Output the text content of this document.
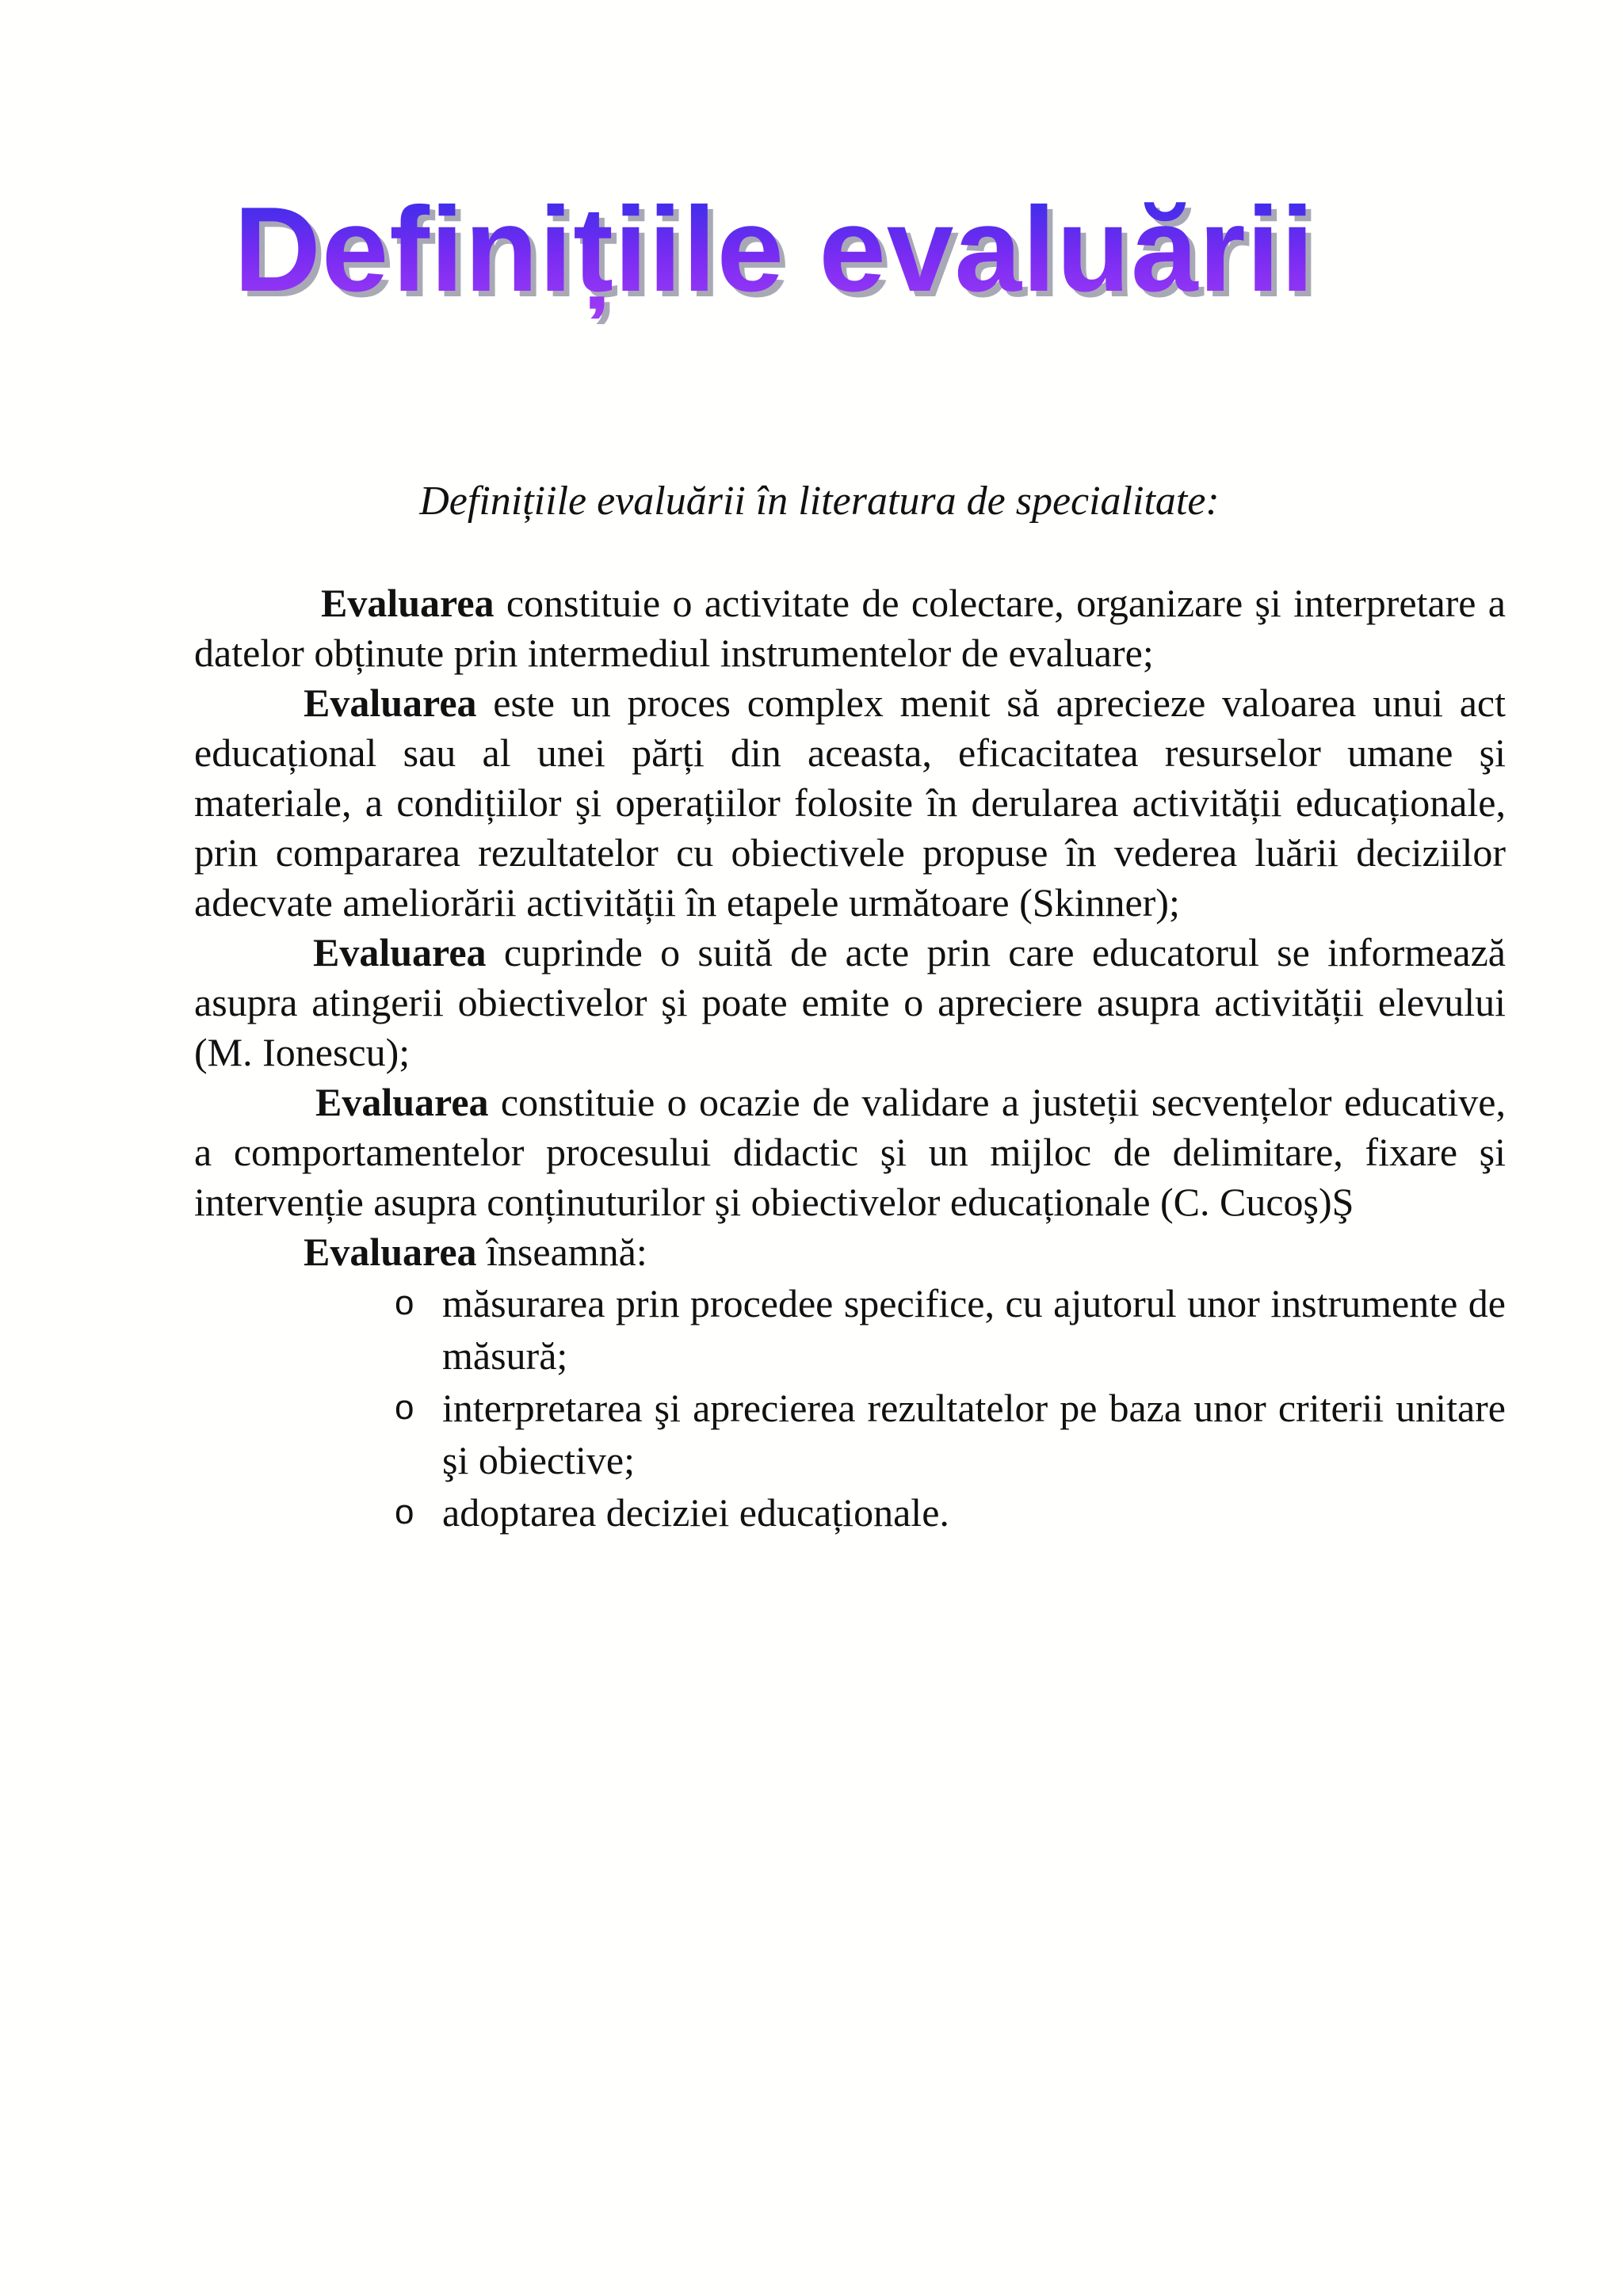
Definițiile evaluării

Definițiile evaluării în literatura de specialitate:

Evaluarea constituie o activitate de colectare, organizare şi interpretare a datelor obținute prin intermediul instrumentelor de evaluare;

Evaluarea este un proces complex menit să aprecieze valoarea unui act educațional sau al unei părți din aceasta, eficacitatea resurselor umane şi materiale, a condițiilor şi operațiilor folosite în derularea activității educaționale, prin compararea rezultatelor cu obiectivele propuse în vederea luării deciziilor adecvate ameliorării activității în etapele următoare (Skinner);

Evaluarea cuprinde o suită de acte prin care educatorul se informează asupra atingerii obiectivelor şi poate emite o apreciere asupra activității elevului (M. Ionescu);

Evaluarea constituie o ocazie de validare a justeții secvențelor educative, a comportamentelor procesului didactic şi un mijloc de delimitare, fixare şi intervenție asupra conținuturilor şi obiectivelor educaționale (C. Cucoş)Ş

Evaluarea înseamnă:

o măsurarea prin procedee specifice, cu ajutorul unor instrumente de măsură;
o interpretarea şi aprecierea rezultatelor pe baza unor criterii unitare şi obiective;
o adoptarea deciziei educaționale.
